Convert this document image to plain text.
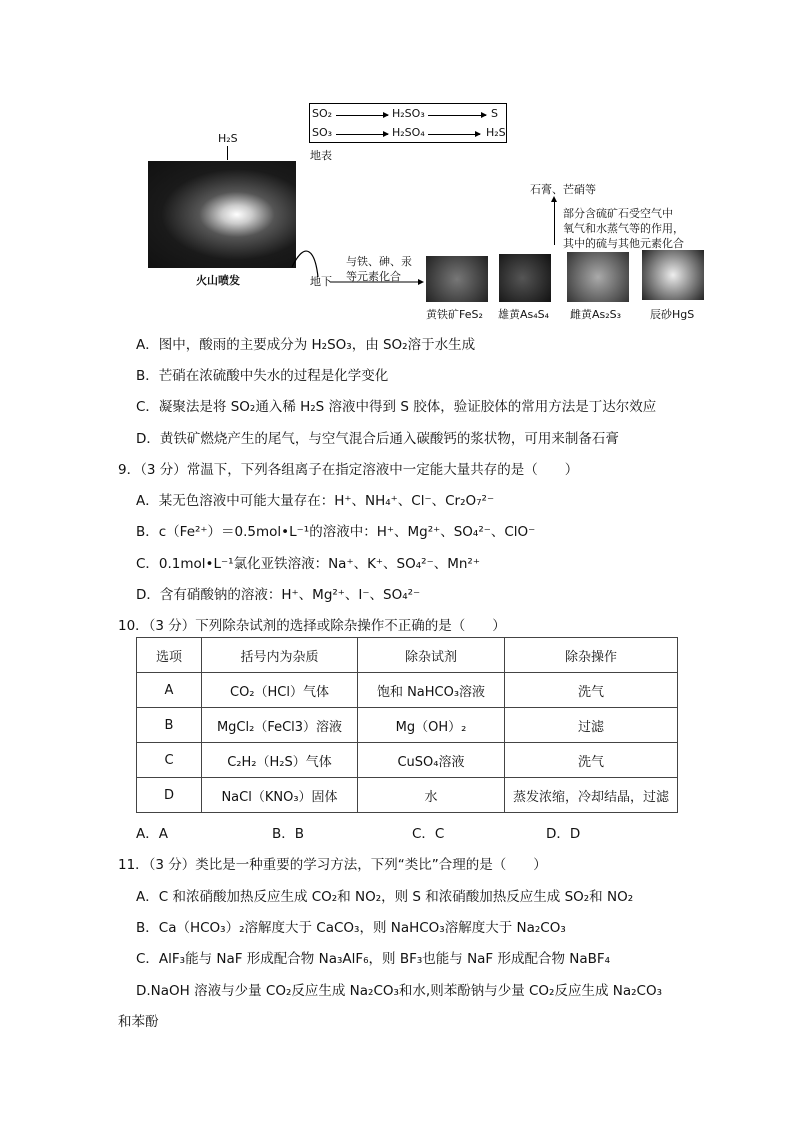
SO₂	H₂SO₃	S
SO₃	H₂SO₄	H₂S
地表
H₂S
火山喷发	地下
与铁、砷、汞
等元素化合
石膏、芒硝等
部分含硫矿石受空气中
氧气和水蒸气等的作用，
其中的硫与其他元素化合
黄铁矿FeS₂ 雄黄As₄S₄ 雌黄As₂S₃	辰砂HgS
A．图中，酸雨的主要成分为 H₂SO₃，由 SO₂溶于水生成
B．芒硝在浓硫酸中失水的过程是化学变化
C．凝聚法是将 SO₂通入稀 H₂S 溶液中得到 S 胶体，验证胶体的常用方法是丁达尔效应
D．黄铁矿燃烧产生的尾气，与空气混合后通入碳酸钙的浆状物，可用来制备石膏
9．（3 分）常温下，下列各组离子在指定溶液中一定能大量共存的是（　　）
A．某无色溶液中可能大量存在：H⁺、NH₄⁺、Cl⁻、Cr₂O₇²⁻
B．c（Fe²⁺）＝0.5mol•L⁻¹的溶液中：H⁺、Mg²⁺、SO₄²⁻、ClO⁻
C．0.1mol•L⁻¹氯化亚铁溶液：Na⁺、K⁺、SO₄²⁻、Mn²⁺
D．含有硝酸钠的溶液：H⁺、Mg²⁺、I⁻、SO₄²⁻
10．（3 分）下列除杂试剂的选择或除杂操作不正确的是（　　）
选项	括号内为杂质	除杂试剂	除杂操作
A	CO₂（HCl）气体	饱和 NaHCO₃溶液	洗气
B	MgCl₂（FeCl3）溶液	Mg（OH）₂	过滤
C	C₂H₂（H₂S）气体	CuSO₄溶液	洗气
D	NaCl（KNO₃）固体	水	蒸发浓缩，冷却结晶，过滤
A．A	B．B	C．C	D．D
11．（3 分）类比是一种重要的学习方法，下列“类比”合理的是（　　）
A．C 和浓硝酸加热反应生成 CO₂和 NO₂，则 S 和浓硝酸加热反应生成 SO₂和 NO₂
B．Ca（HCO₃）₂溶解度大于 CaCO₃，则 NaHCO₃溶解度大于 Na₂CO₃
C．AlF₃能与 NaF 形成配合物 Na₃AlF₆，则 BF₃也能与 NaF 形成配合物 NaBF₄
D.NaOH 溶液与少量 CO₂反应生成 Na₂CO₃和水,则苯酚钠与少量 CO₂反应生成 Na₂CO₃
和苯酚
